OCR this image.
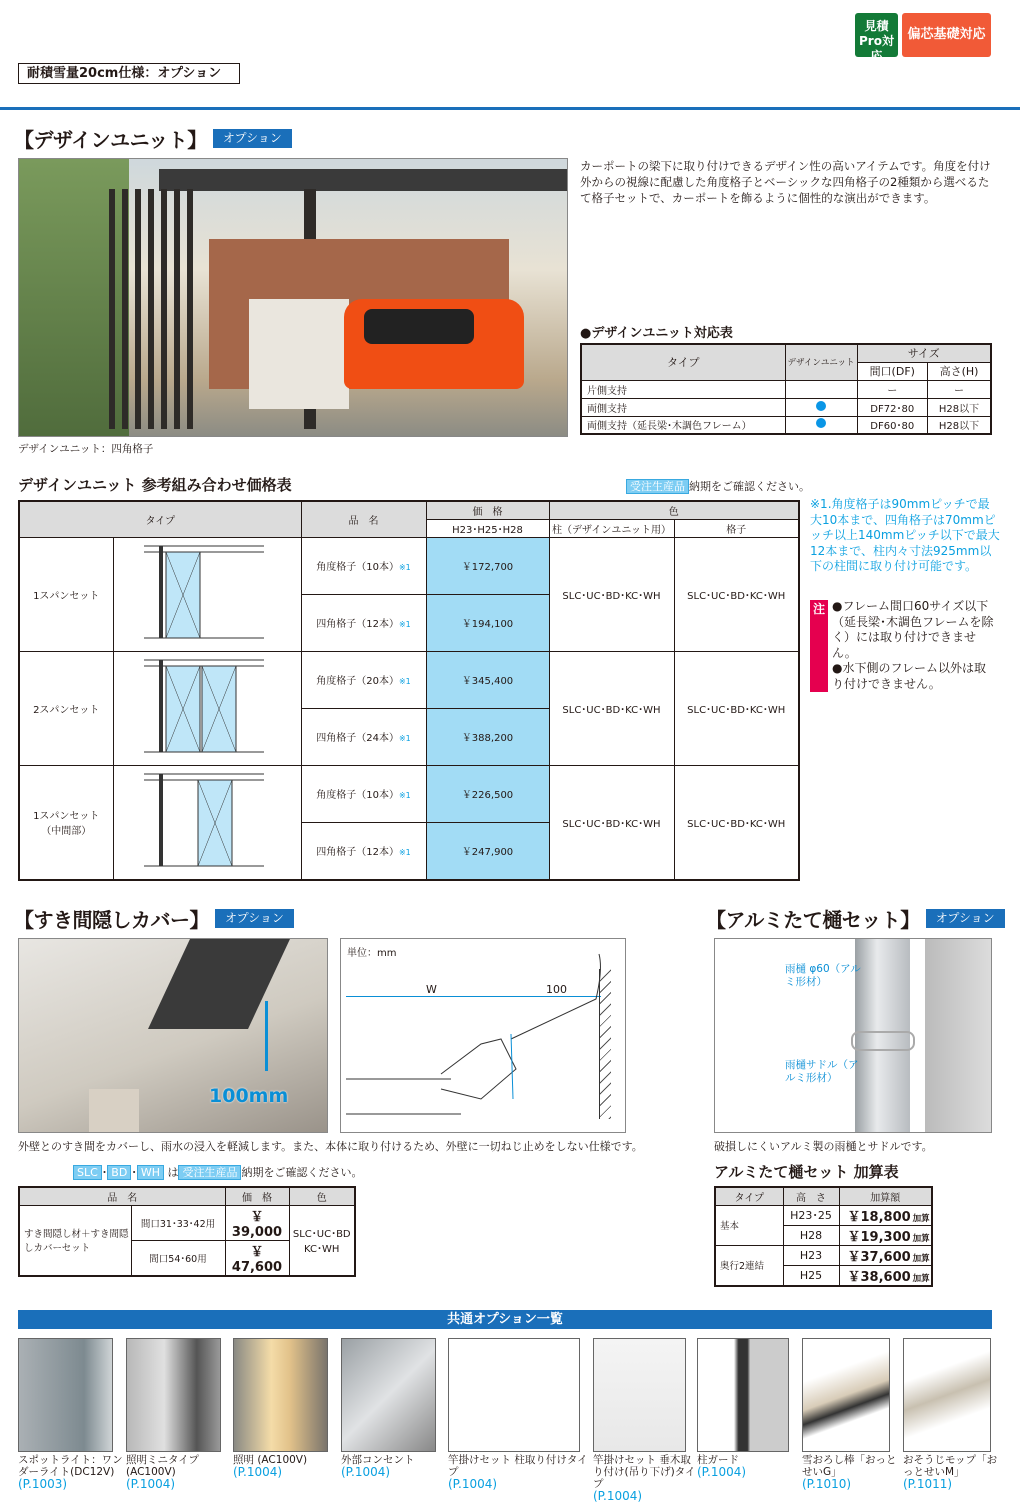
見積Pro対応
偏芯基礎対応
耐積雪量20cm仕様：オプション
【デザインユニット】	オプション
デザインユニット：四角格子
カーポートの梁下に取り付けできるデザイン性の高いアイテムです。角度を付け外からの視線に配慮した角度格子とベーシックな四角格子の2種類から選べるたて格子セットで、カーポートを飾るように個性的な演出ができます。
●デザインユニット対応表
タイプ	デザインユニット	サイズ	
		間口(DF)	高さ(H)
片側支持		ー	ー
両側支持		DF72･80	H28以下
両側支持（延長梁･木調色フレーム）		DF60･80	H28以下
デザインユニット 参考組み合わせ価格表	受注生産品 納期をご確認ください。
タイプ		品　名	価　格	色	
			H23･H25･H28	柱（デザインユニット用）	格子
1スパンセット		角度格子（10本）※1	￥172,700	SLC･UC･BD･KC･WH	SLC･UC･BD･KC･WH
		四角格子（12本）※1	￥194,100		
2スパンセット		角度格子（20本）※1	￥345,400	SLC･UC･BD･KC･WH	SLC･UC･BD･KC･WH
		四角格子（24本）※1	￥388,200		
1スパンセット（中間部）		角度格子（10本）※1	￥226,500	SLC･UC･BD･KC･WH	SLC･UC･BD･KC･WH
		四角格子（12本）※1	￥247,900		
※1.角度格子は90mmピッチで最大10本まで、四角格子は70mmピッチ以上140mmピッチ以下で最大12本まで、柱内々寸法925mm以下の柱間に取り付け可能です。
注 ●フレーム間口60サイズ以下（延長梁･木調色フレームを除く）には取り付けできません。
●水下側のフレーム以外は取り付けできません。
【すき間隠しカバー】	オプション
100mm
単位：mm
W	100
外壁とのすき間をカバーし、雨水の浸入を軽減します。また、本体に取り付けるため、外壁に一切ねじ止めをしない仕様です。
SLC ･ BD ･ WH は 受注生産品 納期をご確認ください。
品　名		価　格	色
すき間隠し材＋すき間隠しカバーセット	間口31･33･42用	￥ 39,000	SLC･UC･BD KC･WH
	間口54･60用	￥ 47,600	
【アルミたて樋セット】	オプション
雨樋 φ60（アルミ形材）
雨樋サドル（アルミ形材）
破損しにくいアルミ製の雨樋とサドルです。
アルミたて樋セット 加算表
タイプ	高　さ	加算額
基本	H23･25	￥18,800 加算
	H28	￥19,300 加算
奥行2連結	H23	￥37,600 加算
	H25	￥38,600 加算
共通オプション一覧
スポットライト：ワンダーライト(DC12V)
(P.1003)
照明ミニタイプ (AC100V)
(P.1004)
照明 (AC100V)
(P.1004)
外部コンセント
(P.1004)
竿掛けセット 柱取り付けタイプ
(P.1004)
竿掛けセット 垂木取り付け(吊り下げ)タイプ
(P.1004)
柱ガード
(P.1004)
雪おろし棒「おっとせいG」
(P.1010)
おそうじモップ「おっとせいM」
(P.1011)
